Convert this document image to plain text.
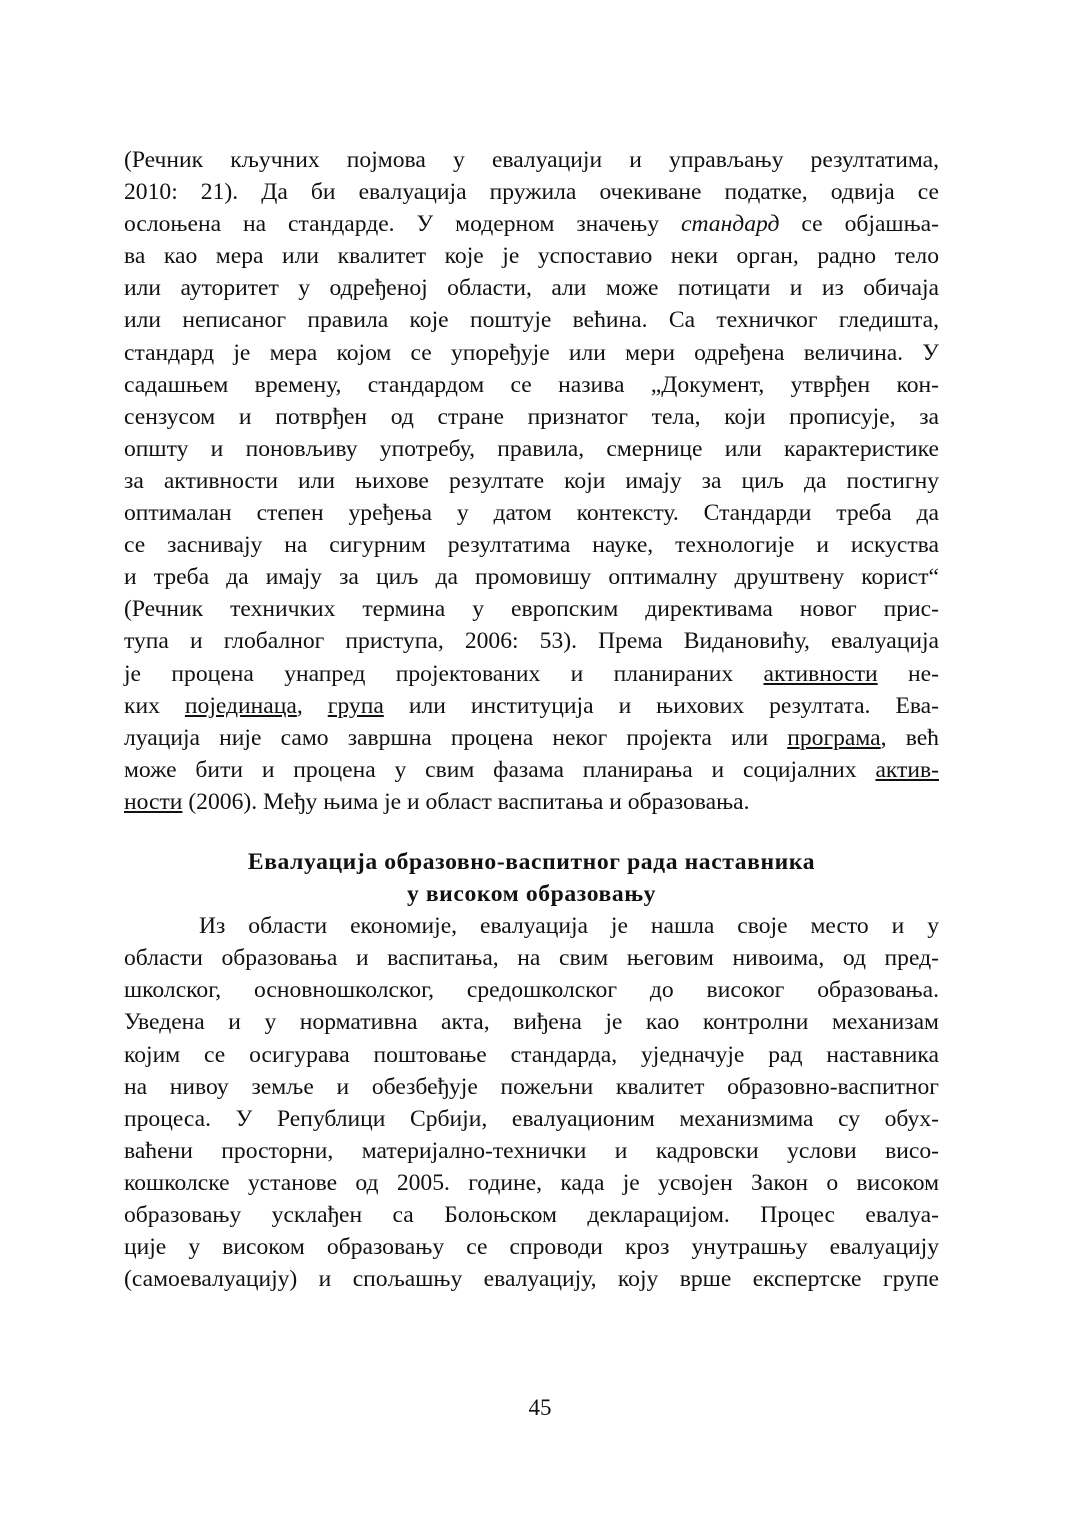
(Речник кључних појмова у евалуацији и управљању резултатима,
2010: 21). Да би евалуација пружила очекиване податке, одвија се
ослоњена на стандарде. У модерном значењу стандард се објашња-
ва као мера или квалитет које је успоставио неки орган, радно тело
или ауторитет у одређеној области, али може потицати и из обичаја
или неписаног правила које поштује већина. Са техничког гледишта,
стандард је мера којом се упоређује или мери одређена величина. У
садашњем времену, стандардом се назива „Документ, утврђен кон-
сензусом и потврђен од стране признатог тела, који прописује, за
општу и поновљиву употребу, правила, смернице или карактеристике
за активности или њихове резултате који имају за циљ да постигну
оптималан степен уређења у датом контексту. Стандарди треба да
се заснивају на сигурним резултатима науке, технологије и искуства
и треба да имају за циљ да промовишу оптималну друштвену корист“
(Речник техничких термина у европским директивама новог прис-
тупа и глобалног приступа, 2006: 53). Према Видановићу, евалуација
је процена унапред пројектованих и планираних активности не-
ких појединаца, група или институција и њихових резултата. Ева-
луација није само завршна процена неког пројекта или програма, већ
може бити и процена у свим фазама планирања и социјалних актив-
ности (2006). Међу њима је и област васпитања и образовања.
Евалуација образовно-васпитног рада наставника
у високом образовању
Из области економије, евалуација је нашла своје место и у
области образовања и васпитања, на свим његовим нивоима, од пред-
школског, основношколског, средошколског до високог образовања.
Уведена и у нормативна акта, виђена је као контролни механизам
којим се осигурава поштовање стандарда, уједначује рад наставника
на нивоу земље и обезбеђује пожељни квалитет образовно-васпитног
процеса. У Републици Србији, евалуационим механизмима су обух-
ваћени просторни, материјално-технички и кадровски услови висо-
кошколске установе од 2005. године, када је усвојен Закон о високом
образовању усклађен са Болоњском декларацијом. Процес евалуа-
ције у високом образовању се спроводи кроз унутрашњу евалуацију
(самоевалуацију) и спољашњу евалуацију, коју врше експертске групе
45
